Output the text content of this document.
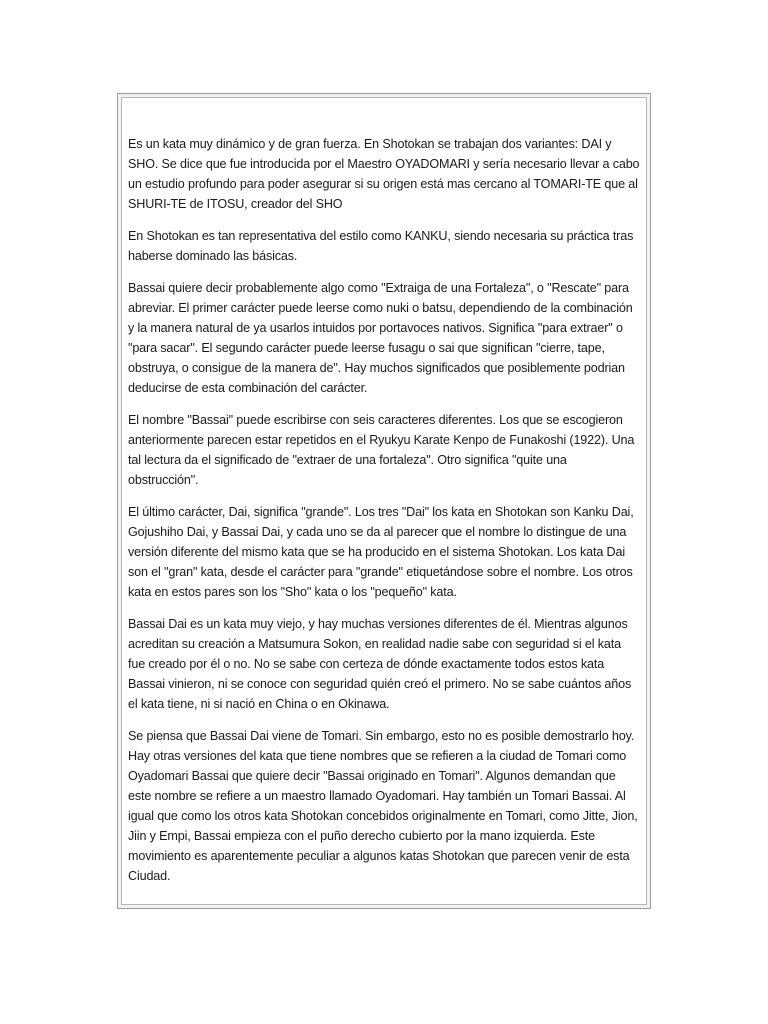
Es un kata muy dinámico y de gran fuerza. En Shotokan se trabajan dos variantes: DAI y SHO. Se dice que fue introducida por el Maestro OYADOMARI y sería necesario llevar a cabo un estudio profundo para poder asegurar si su origen está mas cercano al TOMARI-TE que al SHURI-TE de ITOSU, creador del SHO

En Shotokan es tan representativa del estilo como KANKU, siendo necesaria su práctica tras haberse dominado las básicas.

Bassai quiere decir probablemente algo como "Extraiga de una Fortaleza", o "Rescate" para abreviar. El primer carácter puede leerse como nuki o batsu, dependiendo de la combinación y la manera natural de ya usarlos intuidos por portavoces nativos. Significa "para extraer" o "para sacar". El segundo carácter puede leerse fusagu o sai que significan "cierre, tape, obstruya, o consigue de la manera de". Hay muchos significados que posiblemente podrian deducirse de esta combinación del carácter.

El nombre "Bassai" puede escribirse con seis caracteres diferentes. Los que se escogieron anteriormente parecen estar repetidos en el Ryukyu Karate Kenpo de Funakoshi (1922). Una tal lectura da el significado de "extraer de una fortaleza". Otro significa "quite una obstrucción".

El último carácter, Dai, significa "grande". Los tres "Dai" los kata en Shotokan son Kanku Dai, Gojushiho Dai, y Bassai Dai, y cada uno se da al parecer que el nombre lo distingue de una versión diferente del mismo kata que se ha producido en el sistema Shotokan. Los kata Dai son el "gran" kata, desde el carácter para "grande" etiquetándose sobre el nombre. Los otros kata en estos pares son los "Sho" kata o los "pequeño" kata.

Bassai Dai es un kata muy viejo, y hay muchas versiones diferentes de él. Mientras algunos acreditan su creación a Matsumura Sokon, en realidad nadie sabe con seguridad si el kata fue creado por él o no. No se sabe con certeza de dónde exactamente todos estos kata Bassai vinieron, ni se conoce con seguridad quién creó el primero. No se sabe cuántos años el kata tiene, ni si nació en China o en Okinawa.

Se piensa que Bassai Dai viene de Tomari. Sin embargo, esto no es posible demostrarlo hoy. Hay otras versiones del kata que tiene nombres que se refieren a la ciudad de Tomari como Oyadomari Bassai que quiere decir "Bassai originado en Tomari". Algunos demandan que este nombre se refiere a un maestro llamado Oyadomari. Hay también un Tomari Bassai. Al igual que como los otros kata Shotokan concebidos originalmente en Tomari, como Jitte, Jion, Jiin y Empi, Bassai empieza con el puño derecho cubierto por la mano izquierda. Este movimiento es aparentemente peculiar a algunos katas Shotokan que parecen venir de esta Ciudad.
